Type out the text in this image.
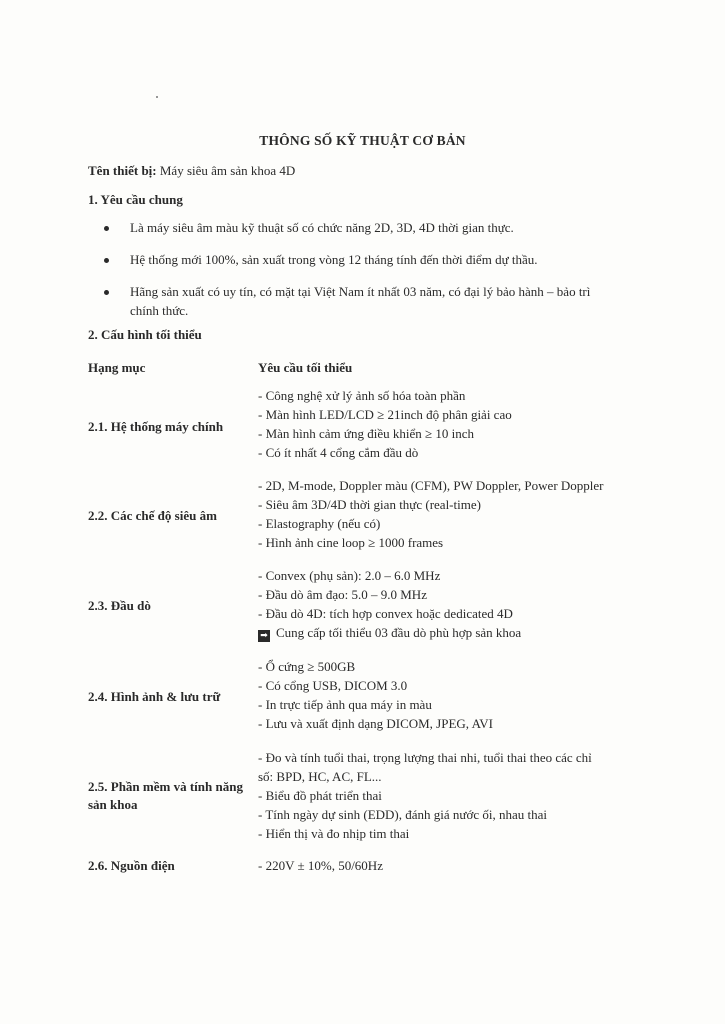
THÔNG SỐ KỸ THUẬT CƠ BẢN
Tên thiết bị: Máy siêu âm sản khoa 4D
1. Yêu cầu chung
Là máy siêu âm màu kỹ thuật số có chức năng 2D, 3D, 4D thời gian thực.
Hệ thống mới 100%, sản xuất trong vòng 12 tháng tính đến thời điểm dự thầu.
Hãng sản xuất có uy tín, có mặt tại Việt Nam ít nhất 03 năm, có đại lý bảo hành – bảo trì
chính thức.
2. Cấu hình tối thiểu
Hạng mục	Yêu cầu tối thiểu
2.1. Hệ thống máy chính
- Công nghệ xử lý ảnh số hóa toàn phần
- Màn hình LED/LCD ≥ 21inch độ phân giải cao
- Màn hình cảm ứng điều khiển ≥ 10 inch
- Có ít nhất 4 cổng cắm đầu dò
2.2. Các chế độ siêu âm
- 2D, M-mode, Doppler màu (CFM), PW Doppler, Power Doppler
- Siêu âm 3D/4D thời gian thực (real-time)
- Elastography (nếu có)
- Hình ảnh cine loop ≥ 1000 frames
2.3. Đầu dò
- Convex (phụ sản): 2.0 – 6.0 MHz
- Đầu dò âm đạo: 5.0 – 9.0 MHz
- Đầu dò 4D: tích hợp convex hoặc dedicated 4D
➡ Cung cấp tối thiểu 03 đầu dò phù hợp sản khoa
2.4. Hình ảnh & lưu trữ
- Ổ cứng ≥ 500GB
- Có cổng USB, DICOM 3.0
- In trực tiếp ảnh qua máy in màu
- Lưu và xuất định dạng DICOM, JPEG, AVI
2.5. Phần mềm và tính năng
sản khoa
- Đo và tính tuổi thai, trọng lượng thai nhi, tuổi thai theo các chỉ
số: BPD, HC, AC, FL...
- Biểu đồ phát triển thai
- Tính ngày dự sinh (EDD), đánh giá nước ối, nhau thai
- Hiển thị và đo nhịp tim thai
2.6. Nguồn điện	- 220V ± 10%, 50/60Hz
